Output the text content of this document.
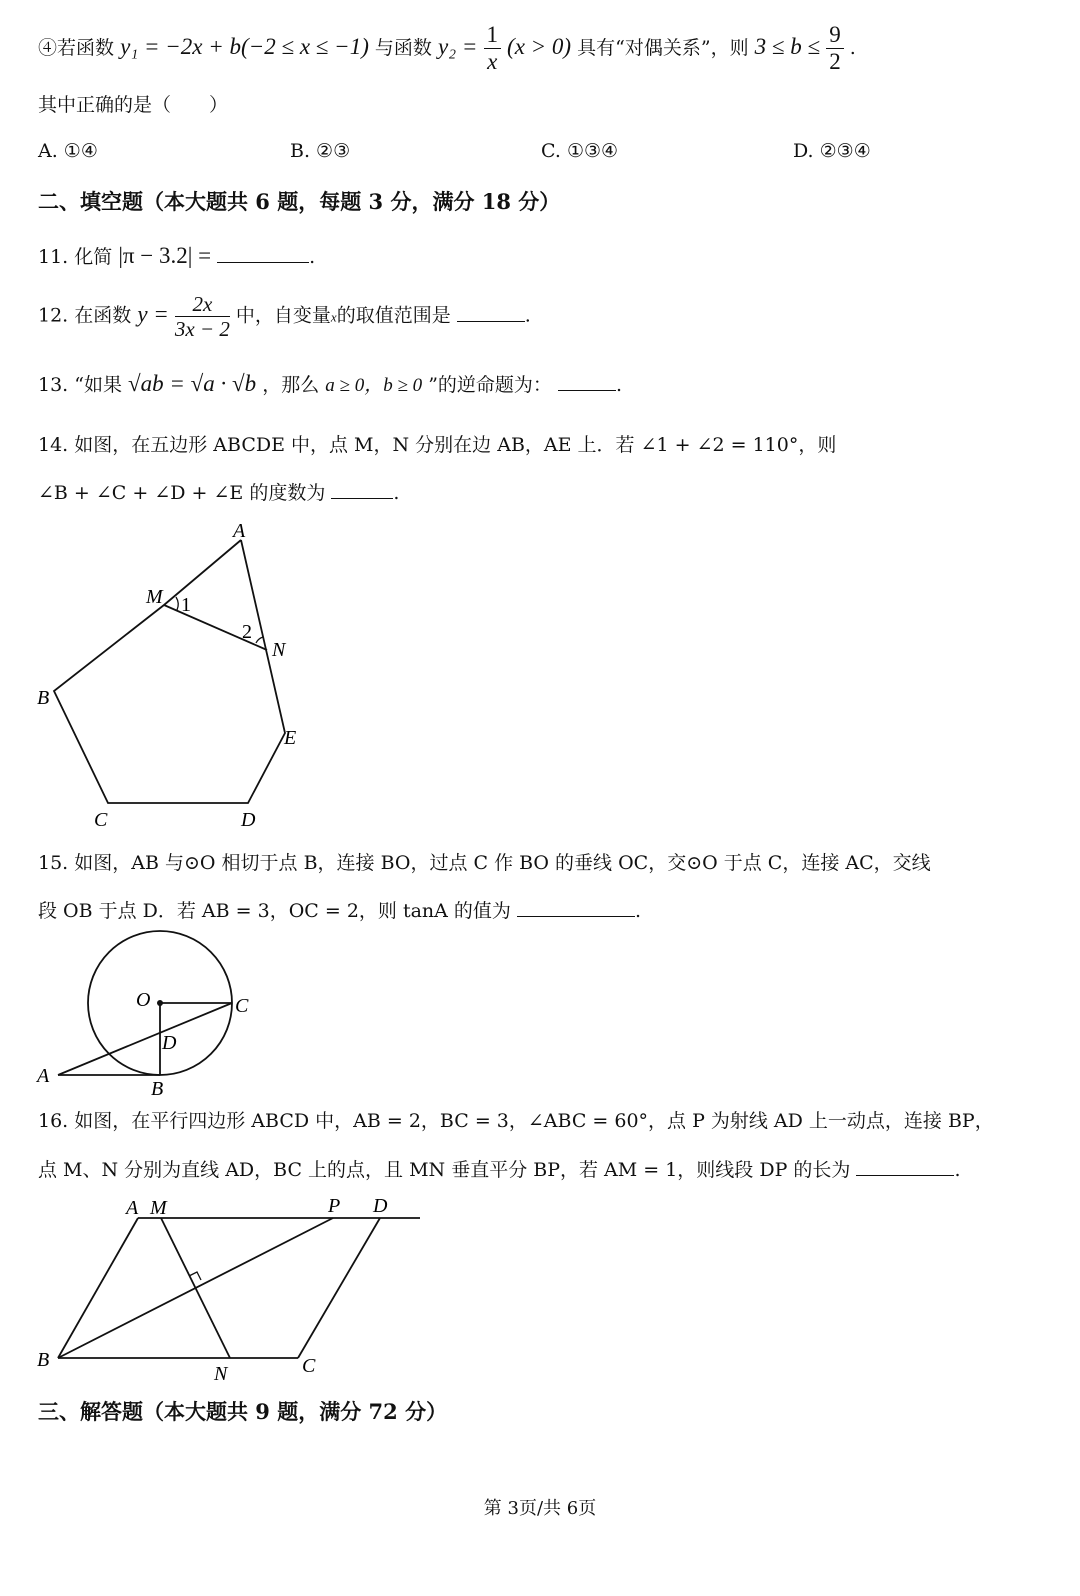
④若函数 y₁ = −2x + b(−2 ≤ x ≤ −1) 与函数 $y_2 = \frac{1}{x} (x > 0)$ 具有“对偶关系”，则 $3 \le b \le \frac{9}{2}$ .
其中正确的是（　　）
A. ①④	B. ②③	C. ①③④	D. ②③④
二、填空题（本大题共 6 题，每题 3 分，满分 18 分）
11. 化简 |π − 3.2| =	.
12. 在函数 $y = \frac{2x}{3x - 2}$ 中，自变量x的取值范围是	.
13. “如果 √ab = √a · √b ，那么 a ≥ 0，b ≥ 0 ”的逆命题为：	.
14. 如图，在五边形 ABCDE 中，点 M，N 分别在边 AB，AE 上．若 ∠1 + ∠2 = 110°，则
∠B + ∠C + ∠D + ∠E 的度数为	.
A
M 1
2
N
B
E
C	D
15. 如图，AB 与⊙O 相切于点 B，连接 BO，过点 C 作 BO 的垂线 OC，交⊙O 于点 C，连接 AC，交线
段 OB 于点 D．若 AB = 3，OC = 2，则 tanA 的值为	.
O	C
D
A
B
16. 如图，在平行四边形 ABCD 中，AB = 2，BC = 3，∠ABC = 60°，点 P 为射线 AD 上一动点，连接 BP，
点 M、N 分别为直线 AD，BC 上的点，且 MN 垂直平分 BP，若 AM = 1，则线段 DP 的长为	.
A M	P D
B
N	C
三、解答题（本大题共 9 题，满分 72 分）
第 3页/共 6页
